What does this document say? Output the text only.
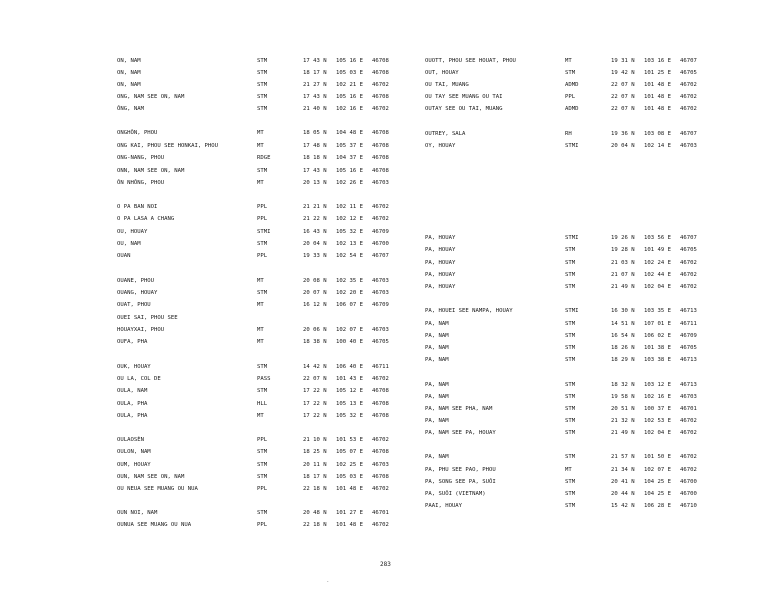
ON, NAM	STM	17 43 N 105 16 E 46708
ON, NAM	STM	18 17 N 105 03 E 46708
ON, NAM	STM	21 27 N 102 21 E 46702
ONG, NAM SEE ON, NAM	STM	17 43 N 105 16 E 46708
ÔNG, NAM	STM	21 40 N 102 16 E 46702
ONGHÔN, PHOU	MT	18 05 N 104 48 E 46708
ONG KAI, PHOU SEE HONKAI, PHOU	MT	17 48 N 105 37 E 46708
ONG-NANG, PHOU	RDGE	18 18 N 104 37 E 46708
ONN, NAM SEE ON, NAM	STM	17 43 N 105 16 E 46708
ÔN NHÔNG, PHOU	MT	20 13 N 102 26 E 46703
O PA BAN NOI	PPL	21 21 N 102 11 E 46702
O PA LASA A CHANG	PPL	21 22 N 102 12 E 46702
OU, HOUAY	STMI	16 43 N 105 32 E 46709
OU, NAM	STM	20 04 N 102 13 E 46700
OUAN	PPL	19 33 N 102 54 E 46707
OUANE, PHOU	MT	20 08 N 102 35 E 46703
OUANG, HOUAY	STM	20 07 N 102 20 E 46703
OUAT, PHOU	MT	16 12 N 106 07 E 46709
OUEI SAI, PHOU SEE
HOUAYXAI, PHOU	MT	20 06 N 102 07 E 46703
OUFA, PHA	MT	18 38 N 100 40 E 46705
OUK, HOUAY	STM	14 42 N 106 40 E 46711
OU LA, COL DE	PASS	22 07 N 101 43 E 46702
OULA, NAM	STM	17 22 N 105 12 E 46708
OULA, PHA	HLL	17 22 N 105 13 E 46708
OULA, PHA	MT	17 22 N 105 32 E 46708
OULAOSÈN	PPL	21 10 N 101 53 E 46702
OULON, NAM	STM	18 25 N 105 07 E 46708
OUM, HOUAY	STM	20 11 N 102 25 E 46703
OUN, NAM SEE ON, NAM	STM	18 17 N 105 03 E 46708
OU NEUA SEE MUANG OU NUA	PPL	22 18 N 101 48 E 46702
OUN NOI, NAM	STM	20 48 N 101 27 E 46701
OUNUA SEE MUANG OU NUA	PPL	22 18 N 101 48 E 46702
OUOTT, PHOU SEE HOUAT, PHOU	MT	19 31 N 103 16 E 46707
OUT, HOUAY	STM	19 42 N 101 25 E 46705
OU TAI, MUANG	ADMD	22 07 N 101 48 E 46702
OU TAY SEE MUANG OU TAI	PPL	22 07 N 101 48 E 46702
OUTAY SEE OU TAI, MUANG	ADMD	22 07 N 101 48 E 46702
OUTREY, SALA	RH	19 36 N 103 08 E 46707
OY, HOUAY	STMI	20 04 N 102 14 E 46703
PA, HOUAY	STMI	19 26 N 103 56 E 46707
PA, HOUAY	STM	19 28 N 101 49 E 46705
PA, HOUAY	STM	21 03 N 102 24 E 46702
PA, HOUAY	STM	21 07 N 102 44 E 46702
PA, HOUAY	STM	21 49 N 102 04 E 46702
PA, HOUEI SEE NAMPA, HOUAY	STMI	16 30 N 103 35 E 46713
PA, NAM	STM	14 51 N 107 01 E 46711
PA, NAM	STM	16 54 N 106 02 E 46709
PA, NAM	STM	18 26 N 101 38 E 46705
PA, NAM	STM	18 29 N 103 38 E 46713
PA, NAM	STM	18 32 N 103 12 E 46713
PA, NAM	STM	19 58 N 102 16 E 46703
PA, NAM SEE PHA, NAM	STM	20 51 N 100 37 E 46701
PA, NAM	STM	21 32 N 102 53 E 46702
PA, NAM SEE PA, HOUAY	STM	21 49 N 102 04 E 46702
PA, NAM	STM	21 57 N 101 50 E 46702
PA, PHU SEE PAO, PHOU	MT	21 34 N 102 07 E 46702
PA, SONG SEE PA, SUÔI	STM	20 41 N 104 25 E 46700
PA, SUÔI (VIETNAM)	STM	20 44 N 104 25 E 46700
PAAI, HOUAY	STM	15 42 N 106 28 E 46710
283
.
